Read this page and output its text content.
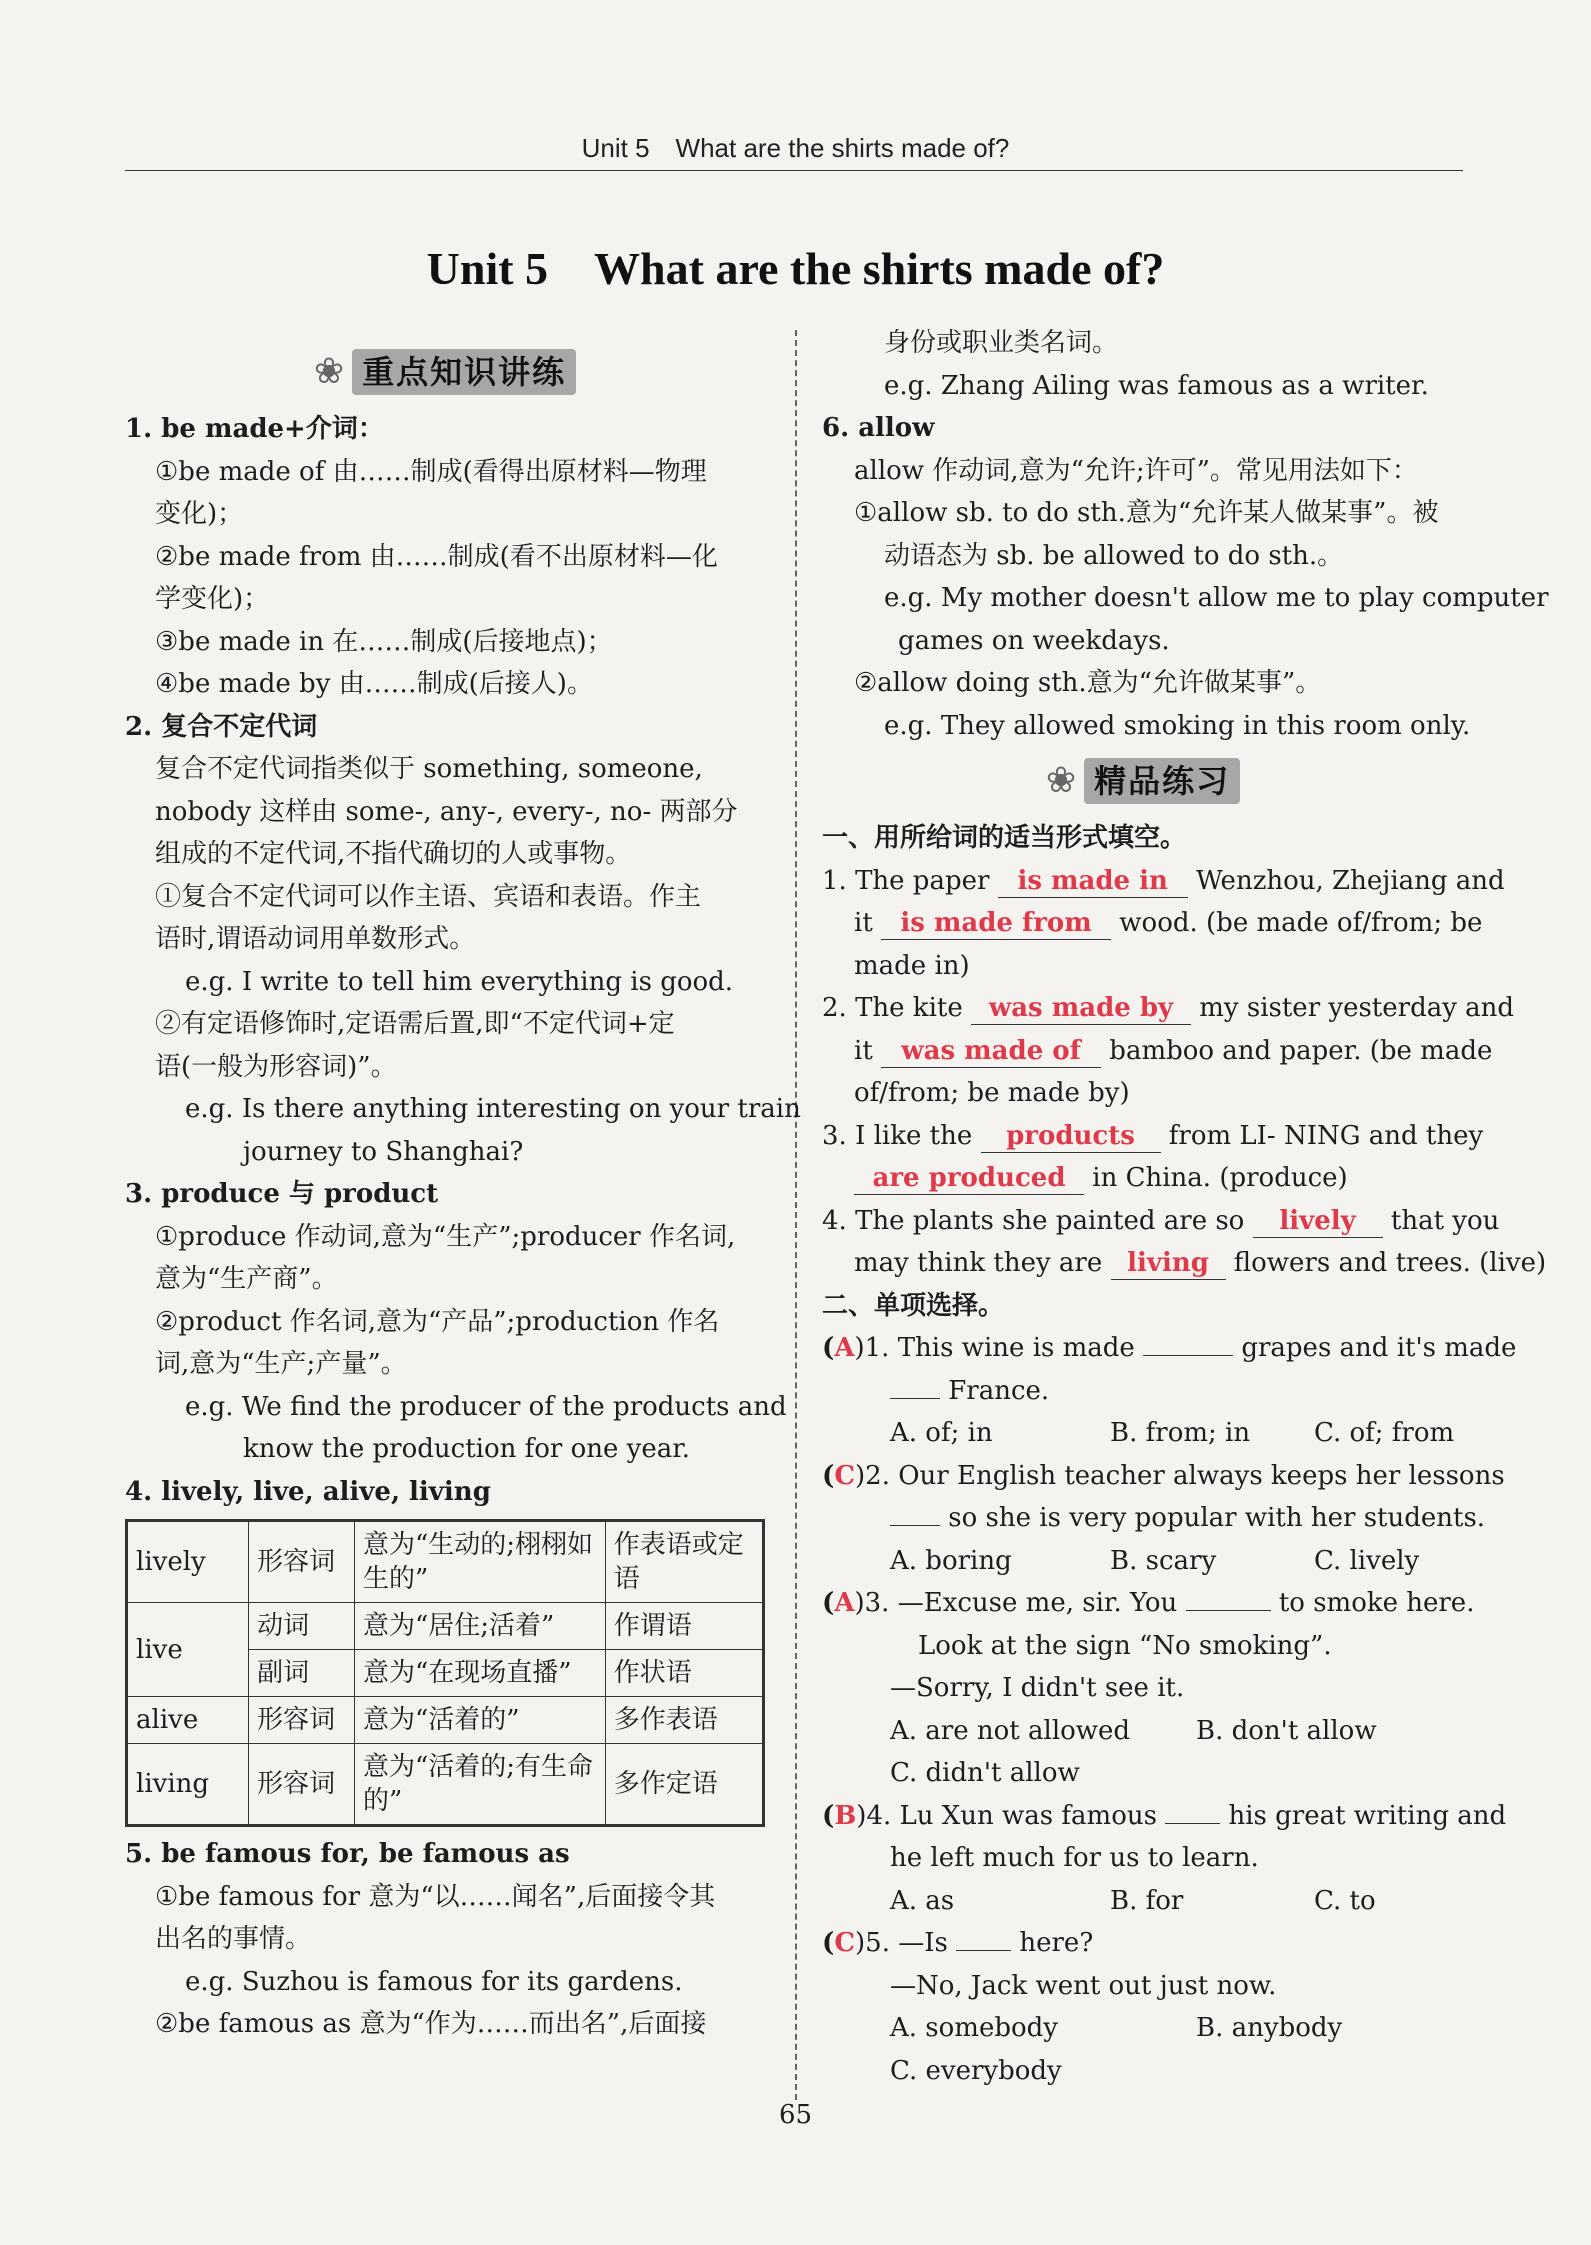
Unit 5　What are the shirts made of?
Unit 5　What are the shirts made of?
❀ 重点知识讲练
1. be made+介词：
①be made of 由……制成(看得出原材料—物理
变化)；
②be made from 由……制成(看不出原材料—化
学变化)；
③be made in 在……制成(后接地点)；
④be made by 由……制成(后接人)。
2. 复合不定代词
复合不定代词指类似于 something, someone,
nobody 这样由 some-, any-, every-, no- 两部分
组成的不定代词,不指代确切的人或事物。
①复合不定代词可以作主语、宾语和表语。作主
语时,谓语动词用单数形式。
e.g. I write to tell him everything is good.
②有定语修饰时,定语需后置,即“不定代词+定
语(一般为形容词)”。
e.g. Is there anything interesting on your train
journey to Shanghai?
3. produce 与 product
①produce 作动词,意为“生产”;producer 作名词,
意为“生产商”。
②product 作名词,意为“产品”;production 作名
词,意为“生产;产量”。
e.g. We find the producer of the products and
know the production for one year.
4. lively, live, alive, living
lively	形容词	意为“生动的;栩栩如生的”	作表语或定语
live	动词	意为“居住;活着”	作谓语
	副词	意为“在现场直播”	作状语
alive	形容词	意为“活着的”	多作表语
living	形容词	意为“活着的;有生命的”	多作定语
5. be famous for, be famous as
①be famous for 意为“以……闻名”,后面接令其
出名的事情。
e.g. Suzhou is famous for its gardens.
②be famous as 意为“作为……而出名”,后面接
身份或职业类名词。
e.g. Zhang Ailing was famous as a writer.
6. allow
allow 作动词,意为“允许;许可”。常见用法如下：
①allow sb. to do sth.意为“允许某人做某事”。被
动语态为 sb. be allowed to do sth.。
e.g. My mother doesn't allow me to play computer
games on weekdays.
②allow doing sth.意为“允许做某事”。
e.g. They allowed smoking in this room only.
❀ 精品练习
一、用所给词的适当形式填空。
1. The paper is made in Wenzhou, Zhejiang and
it is made from wood. (be made of/from; be
made in)
2. The kite was made by my sister yesterday and
it was made of bamboo and paper. (be made
of/from; be made by)
3. I like the products from LI- NING and they
are produced in China. (produce)
4. The plants she painted are so lively that you
may think they are living flowers and trees. (live)
二、单项选择。
(A)1. This wine is made	grapes and it's made
France.
A. of; in	B. from; in	C. of; from
(C)2. Our English teacher always keeps her lessons
so she is very popular with her students.
A. boring	B. scary	C. lively
(A)3. —Excuse me, sir. You	to smoke here.
Look at the sign “No smoking”.
—Sorry, I didn't see it.
A. are not allowed	B. don't allow
C. didn't allow
(B)4. Lu Xun was famous	his great writing and
he left much for us to learn.
A. as	B. for	C. to
(C)5. —Is	here?
—No, Jack went out just now.
A. somebody	B. anybody
C. everybody
65
